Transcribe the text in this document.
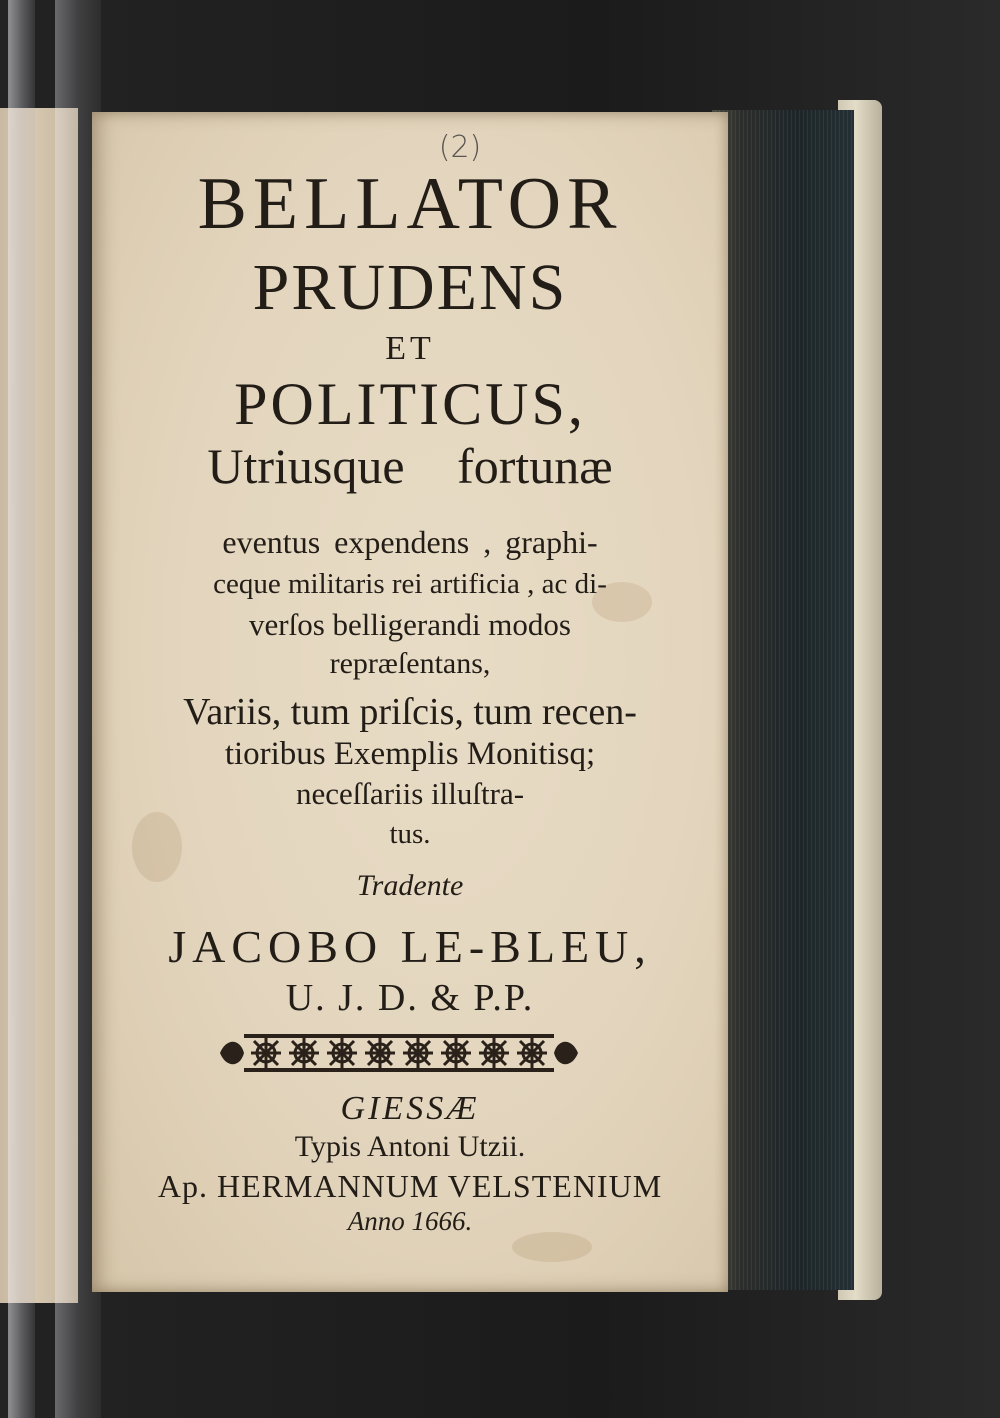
(2)
BELLATOR
PRUDENS
ET
POLITICUS,
Utriusque fortunæ
eventus expendens , graphi-
ceque militaris rei artificia , ac di-
verſos belligerandi modos
repræſentans,
Variis, tum priſcis, tum recen-
tioribus Exemplis Monitisq;
neceſſariis illuſtra-
tus.
Tradente
JACOBO LE-BLEU,
U. J. D. & P.P.
GIESSÆ
Typis Antoni Utzii.
Ap. HERMANNUM VELSTENIUM
Anno 1666.
